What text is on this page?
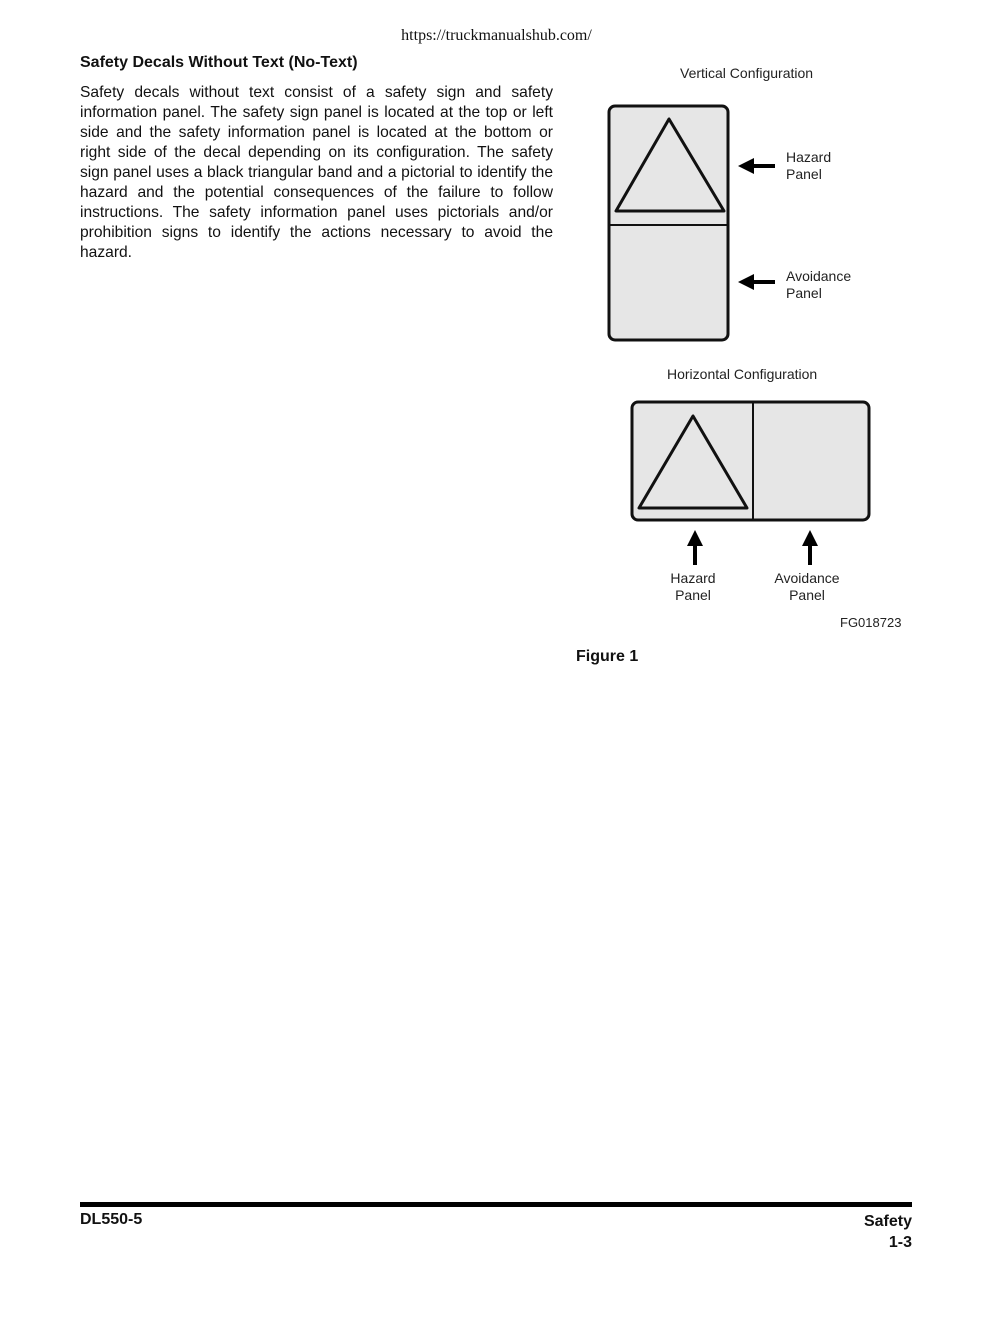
https://truckmanualshub.com/
Safety Decals Without Text (No-Text)
Safety decals without text consist of a safety sign and safety information panel. The safety sign panel is located at the top or left side and the safety information panel is located at the bottom or right side of the decal depending on its configuration. The safety sign panel uses a black triangular band and a pictorial to identify the hazard and the potential consequences of the failure to follow instructions. The safety information panel uses pictorials and/or prohibition signs to identify the actions necessary to avoid the hazard.
Vertical Configuration
Hazard
Panel
Avoidance
Panel
Horizontal Configuration
Hazard
Panel
Avoidance
Panel
FG018723
Figure 1
DL550-5	Safety
1-3
